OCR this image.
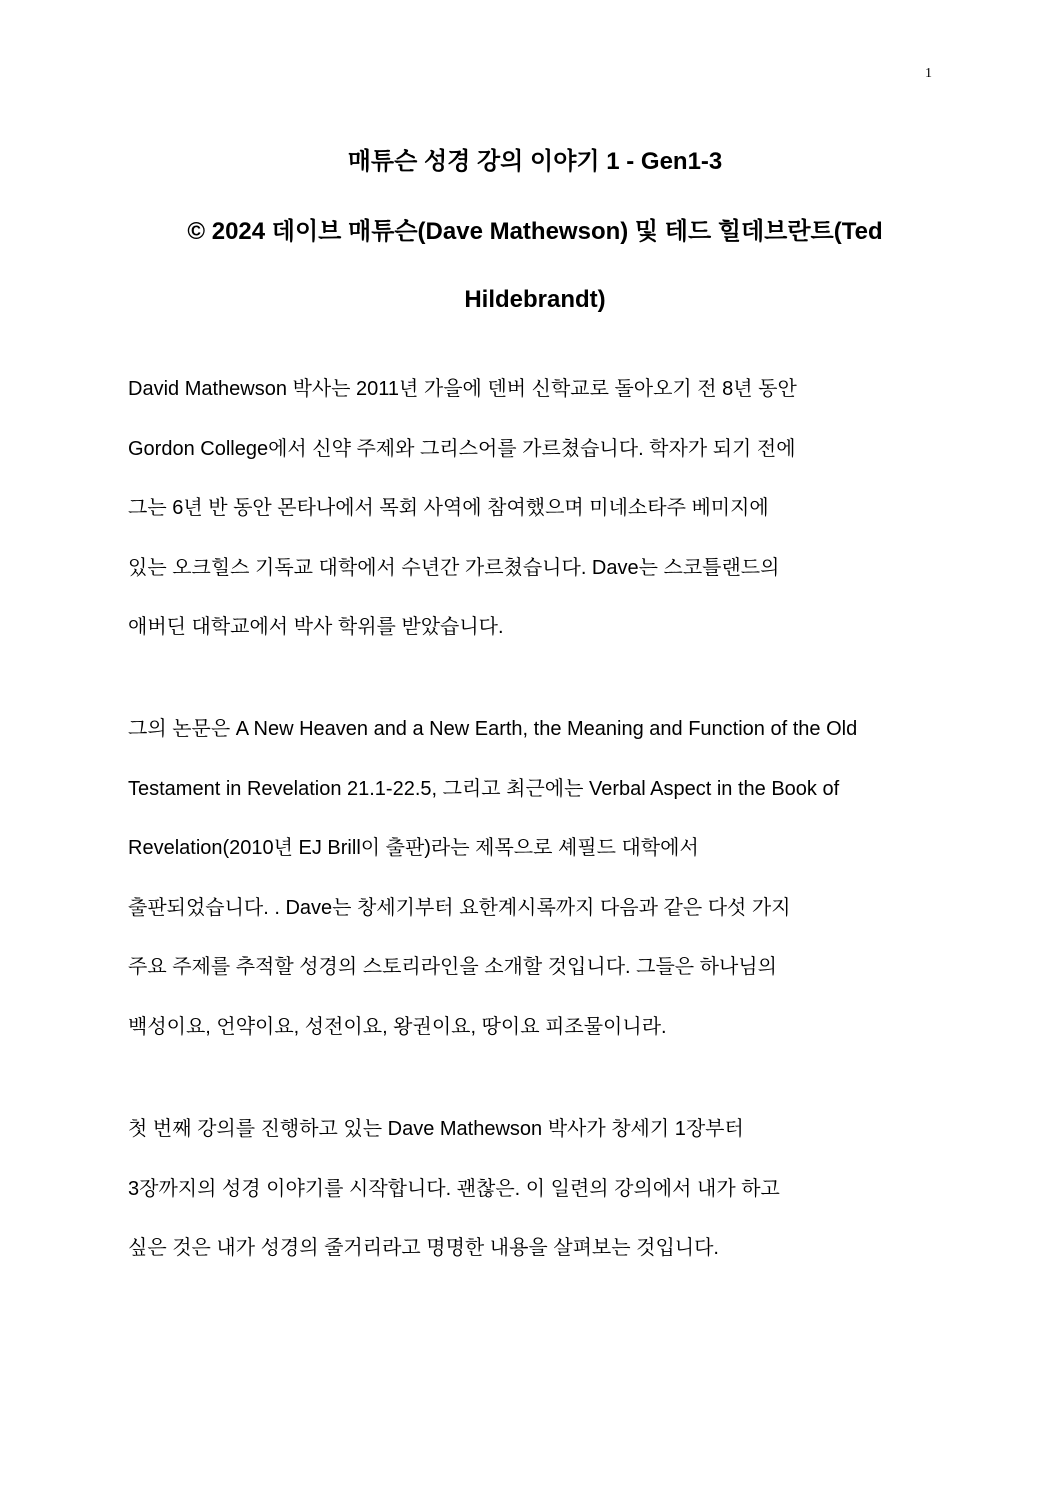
1
매튜슨 성경 강의 이야기 1 - Gen1-3
© 2024 데이브 매튜슨(Dave Mathewson) 및 테드 힐데브란트(Ted
Hildebrandt)
David Mathewson 박사는 2011년 가을에 덴버 신학교로 돌아오기 전 8년 동안
Gordon College에서 신약 주제와 그리스어를 가르쳤습니다. 학자가 되기 전에
그는 6년 반 동안 몬타나에서 목회 사역에 참여했으며 미네소타주 베미지에
있는 오크힐스 기독교 대학에서 수년간 가르쳤습니다. Dave는 스코틀랜드의
애버딘 대학교에서 박사 학위를 받았습니다.
그의 논문은 A New Heaven and a New Earth, the Meaning and Function of the Old
Testament in Revelation 21.1-22.5, 그리고 최근에는 Verbal Aspect in the Book of
Revelation(2010년 EJ Brill이 출판)라는 제목으로 셰필드 대학에서
출판되었습니다. . Dave는 창세기부터 요한계시록까지 다음과 같은 다섯 가지
주요 주제를 추적할 성경의 스토리라인을 소개할 것입니다. 그들은 하나님의
백성이요, 언약이요, 성전이요, 왕권이요, 땅이요 피조물이니라.
첫 번째 강의를 진행하고 있는 Dave Mathewson 박사가 창세기 1장부터
3장까지의 성경 이야기를 시작합니다. 괜찮은. 이 일련의 강의에서 내가 하고
싶은 것은 내가 성경의 줄거리라고 명명한 내용을 살펴보는 것입니다.
